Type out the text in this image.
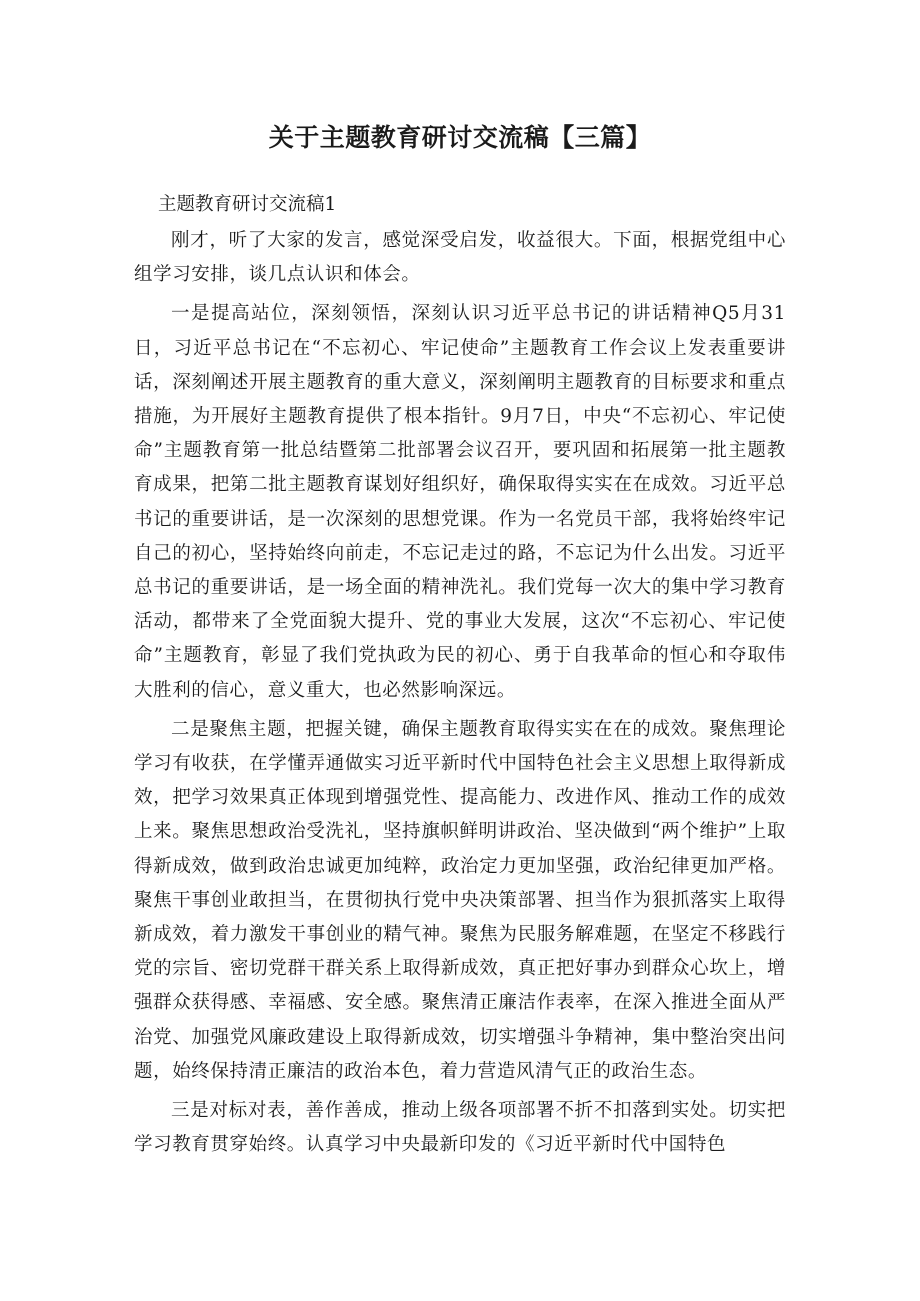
关于主题教育研讨交流稿【三篇】
主题教育研讨交流稿1

刚才，听了大家的发言，感觉深受启发，收益很大。下面，根据党组中心组学习安排，谈几点认识和体会。

一是提高站位，深刻领悟，深刻认识习近平总书记的讲话精神Q5月31日，习近平总书记在“不忘初心、牢记使命”主题教育工作会议上发表重要讲话，深刻阐述开展主题教育的重大意义，深刻阐明主题教育的目标要求和重点措施，为开展好主题教育提供了根本指针。9月7日，中央“不忘初心、牢记使命”主题教育第一批总结暨第二批部署会议召开，要巩固和拓展第一批主题教育成果，把第二批主题教育谋划好组织好，确保取得实实在在成效。习近平总书记的重要讲话，是一次深刻的思想党课。作为一名党员干部，我将始终牢记自己的初心，坚持始终向前走，不忘记走过的路，不忘记为什么出发。习近平总书记的重要讲话，是一场全面的精神洗礼。我们党每一次大的集中学习教育活动，都带来了全党面貌大提升、党的事业大发展，这次“不忘初心、牢记使命”主题教育，彰显了我们党执政为民的初心、勇于自我革命的恒心和夺取伟大胜利的信心，意义重大，也必然影响深远。

二是聚焦主题，把握关键，确保主题教育取得实实在在的成效。聚焦理论学习有收获，在学懂弄通做实习近平新时代中国特色社会主义思想上取得新成效，把学习效果真正体现到增强党性、提高能力、改进作风、推动工作的成效上来。聚焦思想政治受洗礼，坚持旗帜鲜明讲政治、坚决做到“两个维护”上取得新成效，做到政治忠诚更加纯粹，政治定力更加坚强，政治纪律更加严格。聚焦干事创业敢担当，在贯彻执行党中央决策部署、担当作为狠抓落实上取得新成效，着力激发干事创业的精气神。聚焦为民服务解难题，在坚定不移践行党的宗旨、密切党群干群关系上取得新成效，真正把好事办到群众心坎上，增强群众获得感、幸福感、安全感。聚焦清正廉洁作表率，在深入推进全面从严治党、加强党风廉政建设上取得新成效，切实增强斗争精神，集中整治突出问题，始终保持清正廉洁的政治本色，着力营造风清气正的政治生态。

三是对标对表，善作善成，推动上级各项部署不折不扣落到实处。切实把学习教育贯穿始终。认真学习中央最新印发的《习近平新时代中国特色
